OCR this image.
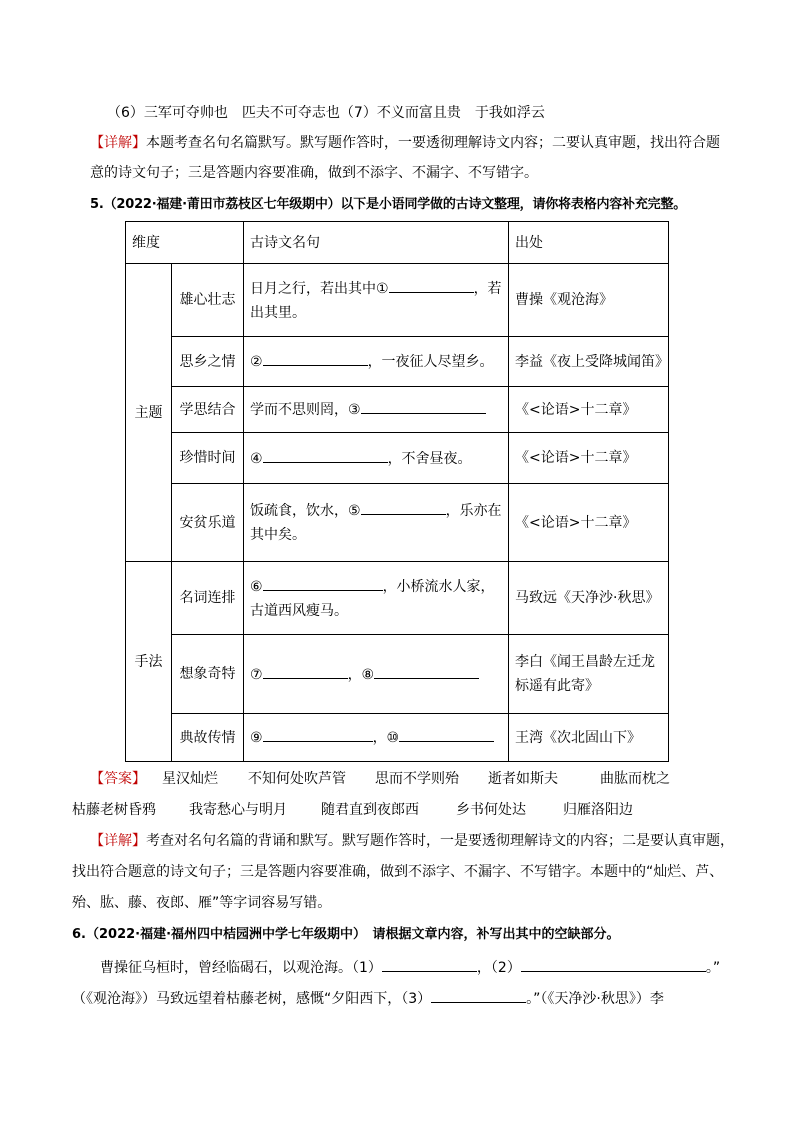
（6）三军可夺帅也　匹夫不可夺志也（7）不义而富且贵　于我如浮云
【详解】本题考查名句名篇默写。默写题作答时，一要透彻理解诗文内容；二要认真审题，找出符合题
意的诗文句子；三是答题内容要准确，做到不添字、不漏字、不写错字。
5.（2022·福建·莆田市荔枝区七年级期中）以下是小语同学做的古诗文整理，请你将表格内容补充完整。
维度		古诗文名句	出处
主题	雄心壮志	日月之行，若出其中① ，若出其里。	曹操《观沧海》
	思乡之情	② ，一夜征人尽望乡。	李益《夜上受降城闻笛》
	学思结合	学而不思则罔，③	《<论语>十二章》
	珍惜时间	④ ，不舍昼夜。	《<论语>十二章》
	安贫乐道	饭疏食，饮水，⑤ ，乐亦在其中矣。	《<论语>十二章》
手法	名词连排	⑥ ，小桥流水人家，古道西风瘦马。	马致远《天净沙·秋思》
	想象奇特	⑦ ，⑧	李白《闻王昌龄左迁龙标遥有此寄》
	典故传情	⑨ ，⑩	王湾《次北固山下》
【答案】 星汉灿烂 不知何处吹芦管 思而不学则殆 逝者如斯夫	曲肱而枕之
枯藤老树昏鸦 我寄愁心与明月 随君直到夜郎西	乡书何处达	归雁洛阳边
【详解】考查对名句名篇的背诵和默写。默写题作答时，一是要透彻理解诗文的内容；二是要认真审题，
找出符合题意的诗文句子；三是答题内容要准确，做到不添字、不漏字、不写错字。本题中的“灿烂、芦、
殆、肱、藤、夜郎、雁”等字词容易写错。
6.（2022·福建·福州四中桔园洲中学七年级期中）　请根据文章内容，补写出其中的空缺部分。
曹操征乌桓时，曾经临碣石，以观沧海。（1）	，（2）	。”
（《观沧海》）马致远望着枯藤老树，感慨“夕阳西下，（3）	。”（《天净沙·秋思》）李
